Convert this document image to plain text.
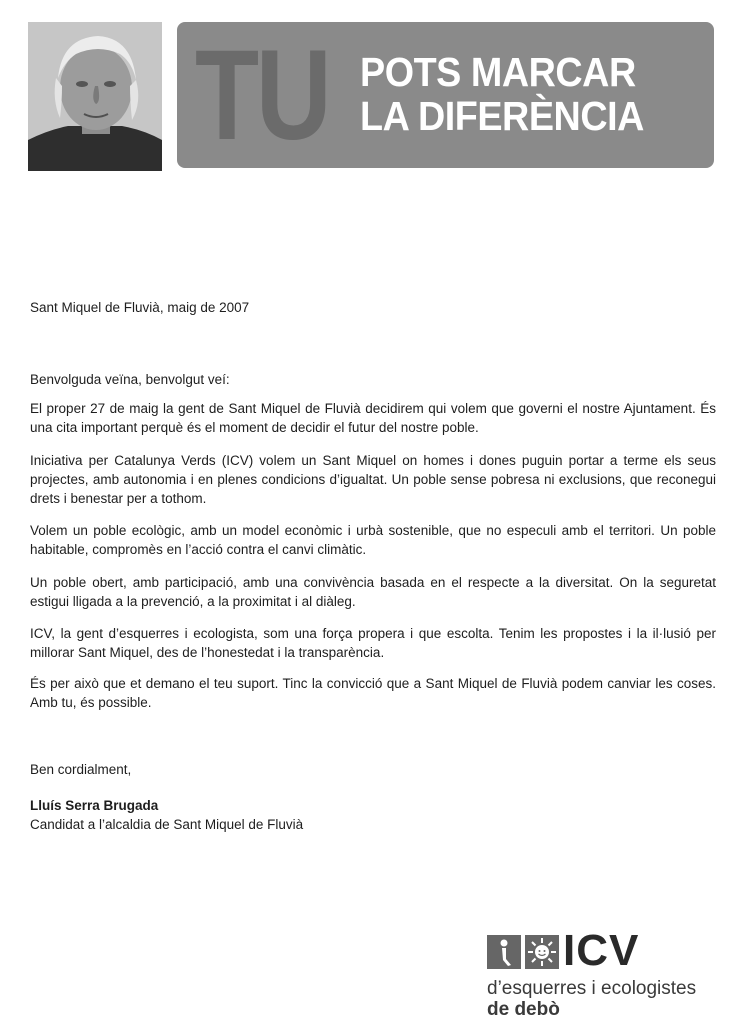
TU POTS MARCAR
LA DIFERÈNCIA
Sant Miquel de Fluvià, maig de 2007
Benvolguda veïna, benvolgut veí:
El proper 27 de maig la gent de Sant Miquel de Fluvià decidirem qui volem que governi el nostre Ajuntament. És una cita important perquè és el moment de decidir el futur del nostre poble.
Iniciativa per Catalunya Verds (ICV) volem un Sant Miquel on homes i dones puguin portar a terme els seus projectes, amb autonomia i en plenes condicions d’igualtat. Un poble sense pobresa ni exclusions, que reconegui drets i benestar per a tothom.
Volem un poble ecològic, amb un model econòmic i urbà sostenible, que no especuli amb el territori. Un poble habitable, compromès en l’acció contra el canvi climàtic.
Un poble obert, amb participació, amb una convivència basada en el respecte a la diversitat. On la seguretat estigui lligada a la prevenció, a la proximitat i al diàleg.
ICV, la gent d’esquerres i ecologista, som una força propera i que escolta. Tenim les propostes i la il·lusió per millorar Sant Miquel, des de l’honestedat i la transparència.
És per això que et demano el teu suport. Tinc la convicció que a Sant Miquel de Fluvià podem canviar les coses. Amb tu, és possible.
Ben cordialment,
Lluís Serra Brugada
Candidat a l’alcaldia de Sant Miquel de Fluvià
ICV
d’esquerres i ecologistes
de debò
